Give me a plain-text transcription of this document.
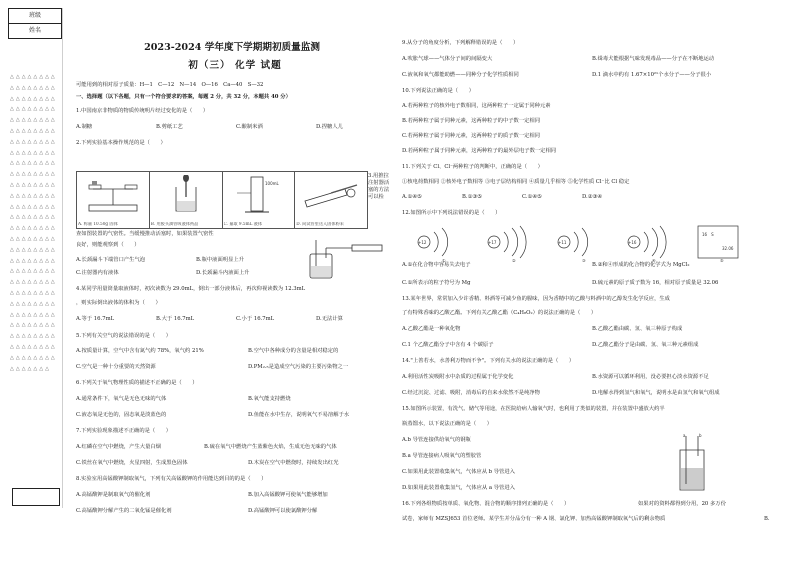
班级
姓名
△△△△△△△△△△△△△△△△△△△△△△△△△△△△△△△△△△△△△△△△△△△△△△△△△△△△△△△△△△△△△△△△△△△△△△△△△△△△△△△△△△△△△△△△△△△△△△△△△△△△△△△△△△△△△△△△△△△△△△△△△△△△△△△△△△△△△△△△△△△△△△△△△△△△△△△△△△△△△△△△△△△△△△△△△△△△△△△△△△△△△△△△△△△△△△△△△△△△△△△△△△△△△△△△△△△△△△△△△△△△△△△
2023-2024 学年度下学期期初质量监测
初（三） 化学 试题
可能用到的相对原子质量：H—1　C—12　N—14　O—16　Ca—40　S—32
一、选择题（以下各题，只有一个符合要求的答案，每题 2 分，共 32 分，本题共 40 分）
1.中国南京非物质的物质传统明片经过变化的是（　　）
A.制糖	B.剪纸工艺	C.酿制米酒	D.捏糖人儿
2.下列实验基本操作规范的是（　　）
A. 称量 10.50g 固体	B. 用胶头滴管吸液体药品
100mL
C. 量取 9.5mL 液体	D. 向试管里送入固体粉末
3.用推拉注射器活塞的方法可以检
查如图装置的气密性。当缓慢推动活塞时，如果装置气密性
良好，则能观察到（　　）
A.长颈漏斗下端管口产生气泡	B.瓶中液面明显上升
C.注射器内有液体	D.长颈漏斗内液面上升
4.某同学用量筒量取液体时，初次读数为 29.0mL，倒出一部分液体后，再次仰视读数为 12.3mL
，则实际倒出液体的体积为（　　）
A.等于 16.7mL	B.大于 16.7mL	C.小于 16.7mL	D.无法计算
5.下列有关空气的说法错误的是（　　）
A.按质量计算，空气中含有氮气约 78%，氧气约 21%	B.空气中各种成分的含量是相对稳定的
C.空气是一种十分重要的天然资源	D.PM₂.₅是造成空气污染的主要污染物之一
6.下列关于氧气物理性质的描述不正确的是（　　）
A.通常条件下，氧气是无色无味的气体	B.氧气能支持燃烧
C.液态氧是无色的，固态氧是淡蓝色的	D.鱼能在水中生存，说明氧气不易溶解于水
7.下列实验现象描述不正确的是（　　）
A.红磷在空气中燃烧，产生大量白烟	B.硫在氧气中燃烧产生蓝紫色火焰，生成无色无味的气体
C.铁丝在氧气中燃烧，火星四射，生成黑色固体	D.木炭在空气中燃烧时，持续发出红光
8.实验室用高锰酸钾制取氧气，下列有关高锰酸钾的作用能达到目的的是（　　）
A.高锰酸钾是制取氧气的催化剂	B.加入高锰酸钾可使氧气能够增加
C.高锰酸钾分解产生的二氧化锰是催化剂	D.高锰酸钾可以使氯酸钾分解
9.从分子的角度分析，下列解释错误的是（　　）
A.吹胀气球——气体分子间的间隔变大	B.缉毒犬能根据气味发现毒品——分子在不断地运动
C.液氧和氧气都能助燃——同种分子化学性质相同	D.1 滴水中约有 1.67×10²¹个水分子——分子很小
10.下列说法正确的是（　　）
A.若两种粒子的核外电子数相同，这两种粒子一定属于同种元素
B.若两种粒子属于同种元素，这两种粒子的中子数一定相同
C.若两种粒子属于同种元素，这两种粒子的质子数一定相同
D.若两种粒子属于同种元素，这两种粒子的最外层电子数一定相同
11.下列关于 Cl、Cl⁻两种粒子的判断中，正确的是（　　）
①核电荷数相同 ②核外电子数相等 ③电子层结构相同 ④质量几乎相等 ⑤化学性质 Cl⁻比 Cl 稳定
A.①④⑤	B.①③⑤	C.①④⑤	D.②③④
12.如图所示中下列说法错误的是（　　）
+12	+17	+11	+16
16　S
32.06
①	②	③	④	⑤
A.①在化合物中容易失去电子	B.②和④形成的化合物的化学式为 MgCl₂
C.①所表示的粒子符号为 Mg	D.硫元素的原子质子数为 16，相对原子质量是 32.06
13.某年世界，常常加入少许香精、料酒等可减少鱼的腥味，因为香精中的乙酸与料酒中的乙醇发生化学反应，生成
了有特殊香味的乙酸乙酯。下列有关乙酸乙酯（C₄H₈O₂）的说法正确的是（　　）
A.乙酸乙酯是一种氧化物	B.乙酸乙酯由碳、氢、氧三种原子构成
C.1 个乙酸乙酯分子中含有 4 个碳原子	D.乙酸乙酯分子是由碳、氢、氧三种元素组成
14."上善若水，水善利万物而不争"。下列有关水的说法正确的是（　　）
A.利用活性炭吸附水中杂质的过程属于化学变化	B.水资源可以循环利用，没必要担心淡水资源不足
C.经过沉淀、过滤、吸附，消毒后的自来水依然不是纯净物	D.电解水得到氢气和氧气，说明水是由氢气和氧气组成
15.如图所示装置，有洗气、储气等用途，在医院给病人输氧气时，也利用了类似的装置，并在装置中盛放大约半
瓶蒸馏水，以下说法正确的是（　　）
A.b 导管连接供给氧气的钢瓶
B.a 导管连接病人吸氧气的塑胶管
C.如果用此装置收集氧气，气体应从 b 导管进入
D.如果用此装置收集氢气，气体应从 a 导管进入
a	b
16.下列各组物质按单质、氧化物、混合物的顺序排列正确的是（　　）	如果对的资料都得到分用，20 多万份
试卷，家师有 MZSJ653 首位老师。某学生并分品分有一种 A 钢、氯化钾、加热高锰酸钾制取氧气后的剩余物质	B.
